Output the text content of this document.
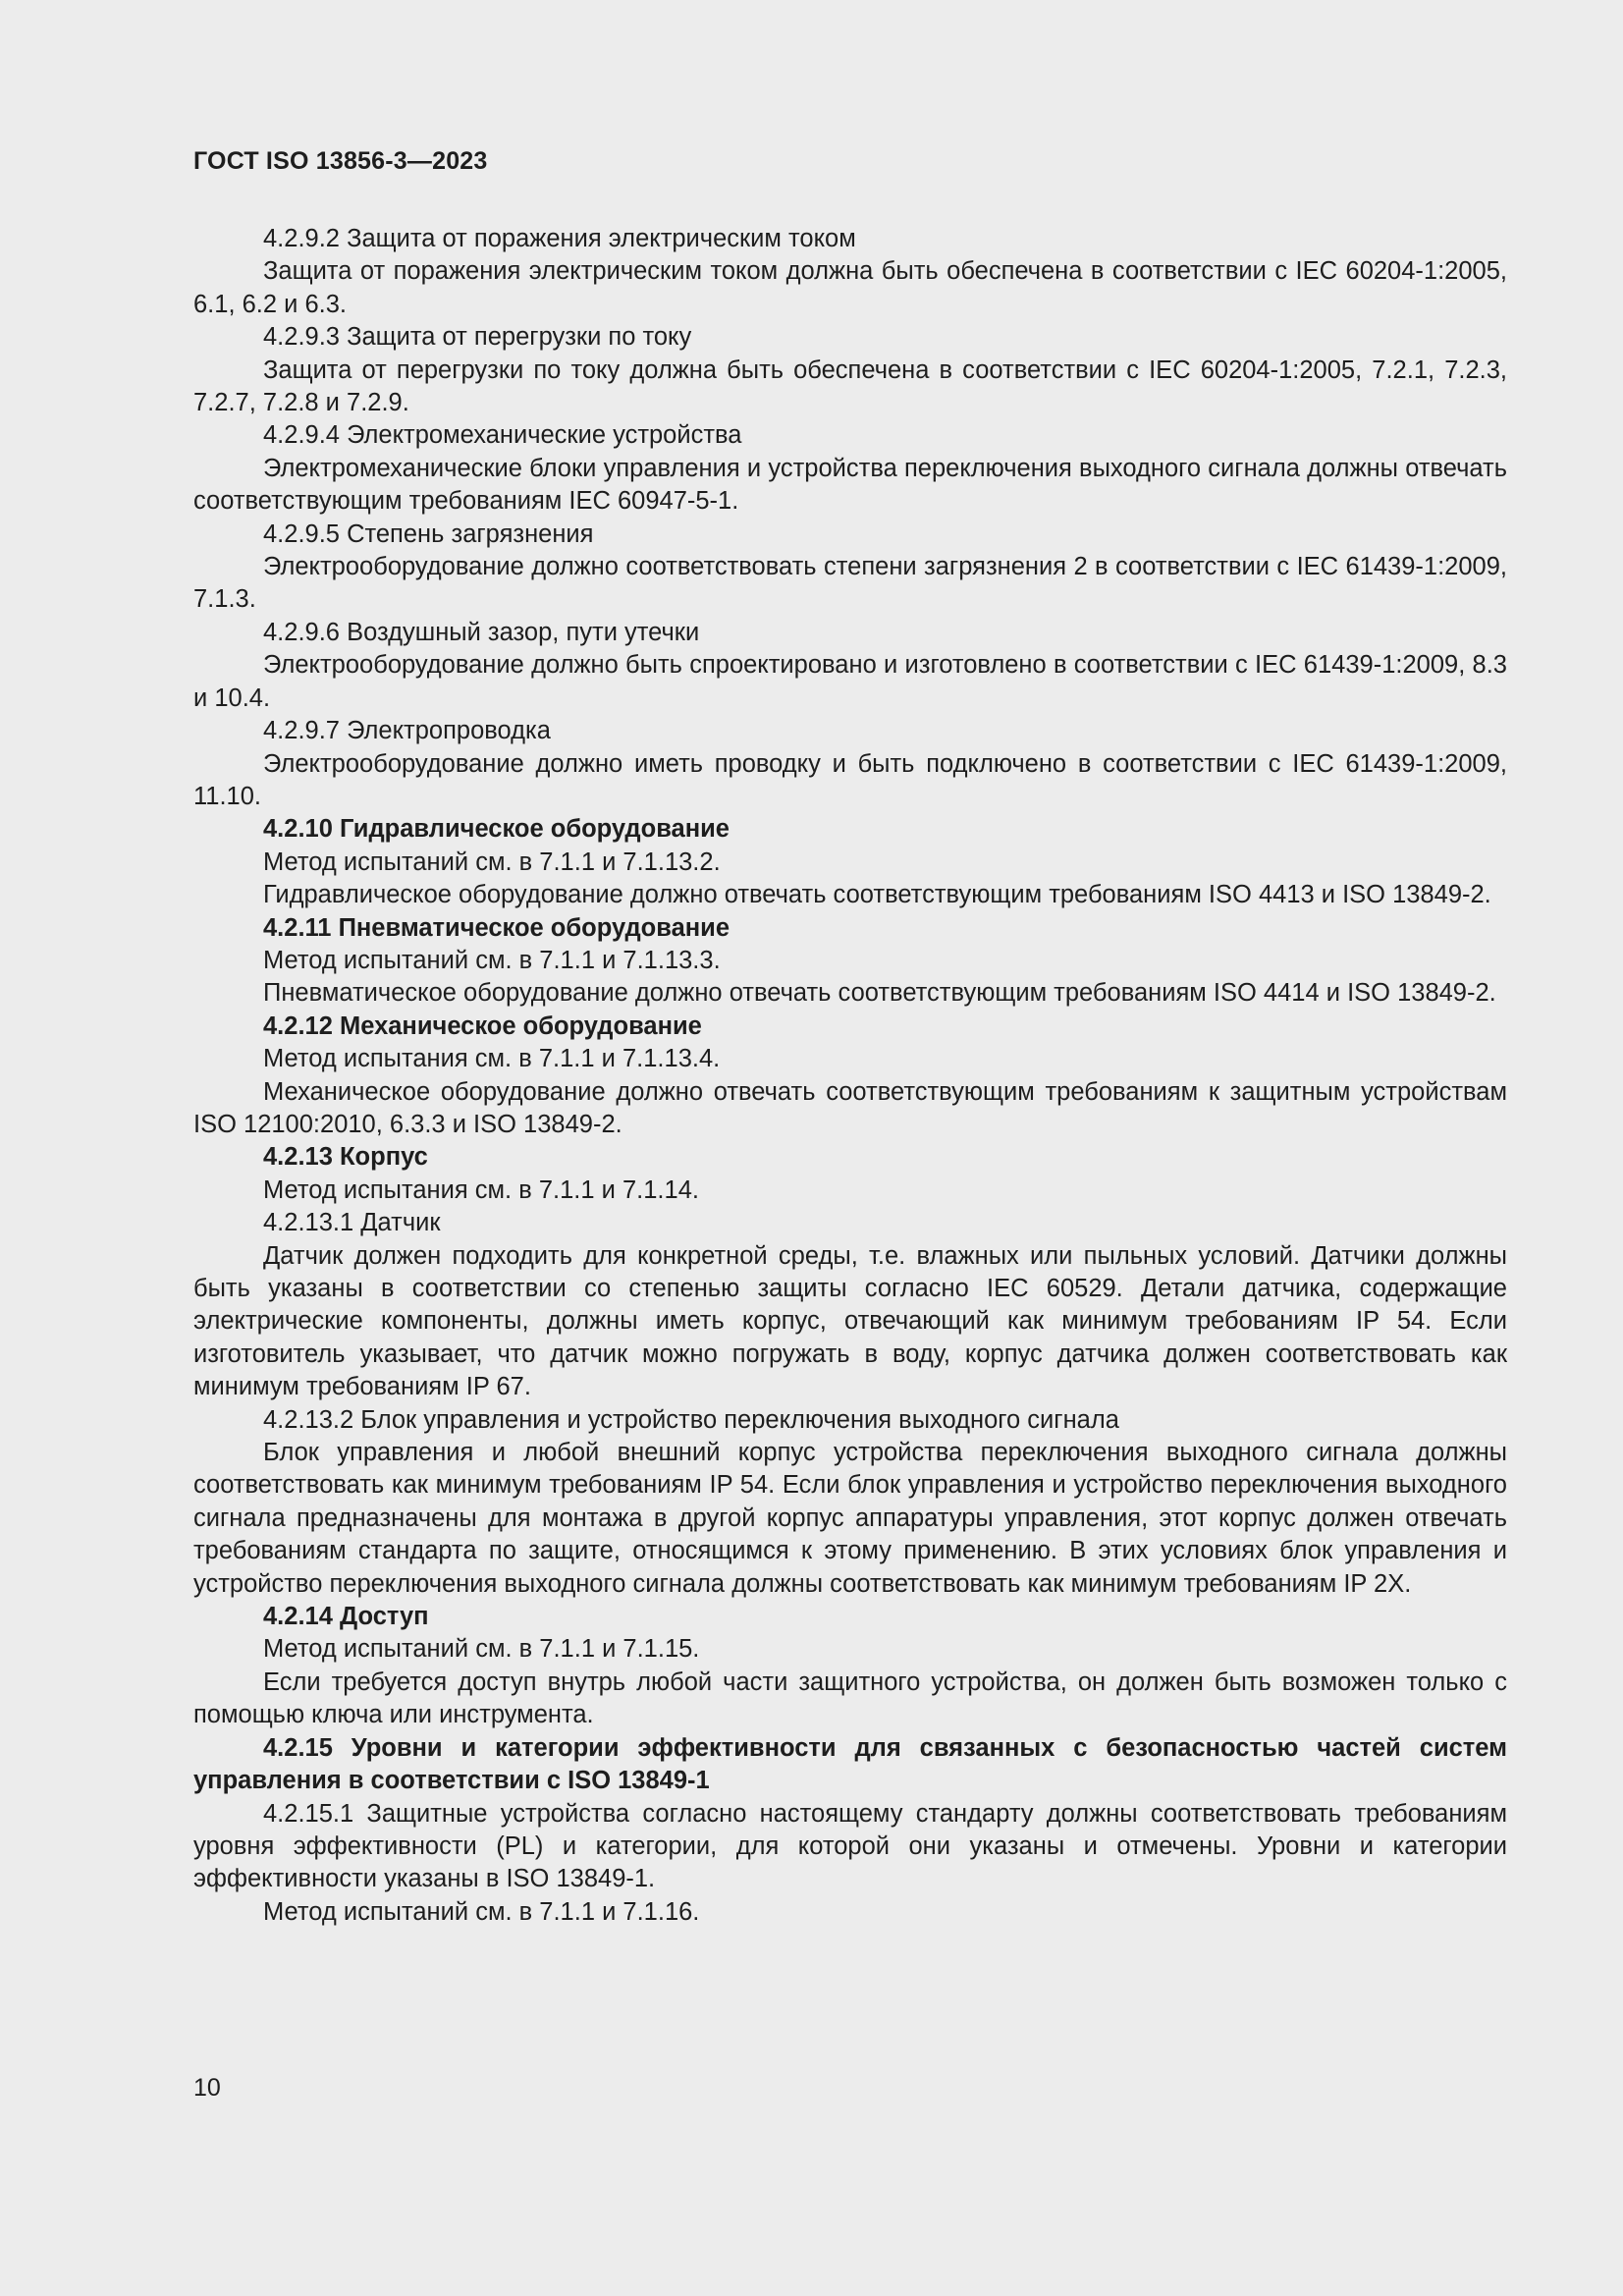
ГОСТ ISO 13856-3—2023

4.2.9.2 Защита от поражения электрическим током

Защита от поражения электрическим током должна быть обеспечена в соответствии с IEC 60204-1:2005, 6.1, 6.2 и 6.3.

4.2.9.3 Защита от перегрузки по току

Защита от перегрузки по току должна быть обеспечена в соответствии с IEC 60204-1:2005, 7.2.1, 7.2.3, 7.2.7, 7.2.8 и 7.2.9.

4.2.9.4 Электромеханические устройства

Электромеханические блоки управления и устройства переключения выходного сигнала должны отвечать соответствующим требованиям IEC 60947-5-1.

4.2.9.5 Степень загрязнения

Электрооборудование должно соответствовать степени загрязнения 2 в соответствии с IEC 61439-1:2009, 7.1.3.

4.2.9.6 Воздушный зазор, пути утечки

Электрооборудование должно быть спроектировано и изготовлено в соответствии с IEC 61439-1:2009, 8.3 и 10.4.

4.2.9.7 Электропроводка

Электрооборудование должно иметь проводку и быть подключено в соответствии с IEC 61439-1:2009, 11.10.

4.2.10 Гидравлическое оборудование

Метод испытаний см. в 7.1.1 и 7.1.13.2.

Гидравлическое оборудование должно отвечать соответствующим требованиям ISO 4413 и ISO 13849-2.

4.2.11 Пневматическое оборудование

Метод испытаний см. в 7.1.1 и 7.1.13.3.

Пневматическое оборудование должно отвечать соответствующим требованиям ISO 4414 и ISO 13849-2.

4.2.12 Механическое оборудование

Метод испытания см. в 7.1.1 и 7.1.13.4.

Механическое оборудование должно отвечать соответствующим требованиям к защитным устройствам ISO 12100:2010, 6.3.3 и ISO 13849-2.

4.2.13 Корпус

Метод испытания см. в 7.1.1 и 7.1.14.

4.2.13.1 Датчик

Датчик должен подходить для конкретной среды, т.е. влажных или пыльных условий. Датчики должны быть указаны в соответствии со степенью защиты согласно IEC 60529. Детали датчика, содержащие электрические компоненты, должны иметь корпус, отвечающий как минимум требованиям IP 54. Если изготовитель указывает, что датчик можно погружать в воду, корпус датчика должен соответствовать как минимум требованиям IP 67.

4.2.13.2 Блок управления и устройство переключения выходного сигнала

Блок управления и любой внешний корпус устройства переключения выходного сигнала должны соответствовать как минимум требованиям IP 54. Если блок управления и устройство переключения выходного сигнала предназначены для монтажа в другой корпус аппаратуры управления, этот корпус должен отвечать требованиям стандарта по защите, относящимся к этому применению. В этих условиях блок управления и устройство переключения выходного сигнала должны соответствовать как минимум требованиям IP 2X.

4.2.14 Доступ

Метод испытаний см. в 7.1.1 и 7.1.15.

Если требуется доступ внутрь любой части защитного устройства, он должен быть возможен только с помощью ключа или инструмента.

4.2.15 Уровни и категории эффективности для связанных с безопасностью частей систем управления в соответствии с ISO 13849-1

4.2.15.1 Защитные устройства согласно настоящему стандарту должны соответствовать требованиям уровня эффективности (PL) и категории, для которой они указаны и отмечены. Уровни и категории эффективности указаны в ISO 13849-1.

Метод испытаний см. в 7.1.1 и 7.1.16.

10
